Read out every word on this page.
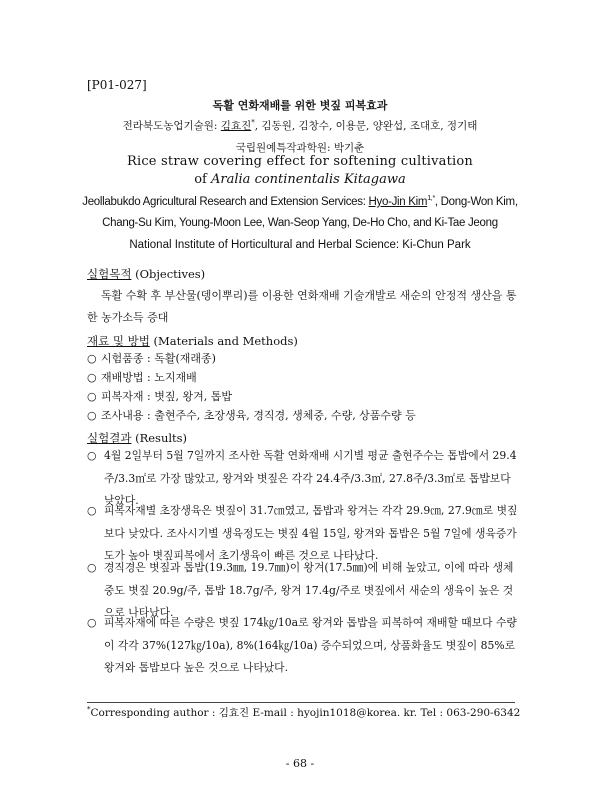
[P01-027]
독활 연화재배를 위한 볏짚 피복효과
전라북도농업기술원: 김효진*, 김동원, 김창수, 이용문, 양완섭, 조대호, 정기태
국립원예특작과학원: 박기춘
Rice straw covering effect for softening cultivation
of Aralia continentalis Kitagawa
Jeollabukdo Agricultural Research and Extension Services: Hyo-Jin Kim$^{1,*}$, Dong-Won Kim,
Chang-Su Kim, Young-Moon Lee, Wan-Seop Yang, De-Ho Cho, and Ki-Tae Jeong
National Institute of Horticultural and Herbal Science: Ki-Chun Park
실험목적 (Objectives)
독활 수확 후 부산물(뎅이뿌리)를 이용한 연화재배 기술개발로 새순의 안정적 생산을 통한 농가소득 증대
재료 및 방법 (Materials and Methods)
○ 시험품종 : 독활(재래종)
○ 재배방법 : 노지재배
○ 피복자재 : 볏짚, 왕겨, 톱밥
○ 조사내용 : 출현주수, 초장생육, 경직경, 생체중, 수량, 상품수량 등
실험결과 (Results)
○ 4월 2일부터 5월 7일까지 조사한 독활 연화재배 시기별 평균 출현주수는 톱밥에서 29.4주/3.3㎡로 가장 많았고, 왕겨와 볏짚은 각각 24.4주/3.3㎡, 27.8주/3.3㎡로 톱밥보다 낮았다.
○ 피복자재별 초장생육은 볏짚이 31.7㎝였고, 톱밥과 왕겨는 각각 29.9㎝, 27.9㎝로 볏짚보다 낮았다. 조사시기별 생육정도는 볏짚 4월 15일, 왕겨와 톱밥은 5월 7일에 생육증가도가 높아 볏짚피복에서 초기생육이 빠른 것으로 나타났다.
○ 경직경은 볏짚과 톱밥(19.3㎜, 19.7㎜)이 왕겨(17.5㎜)에 비해 높았고, 이에 따라 생체중도 볏짚 20.9g/주, 톱밥 18.7g/주, 왕겨 17.4g/주로 볏짚에서 새순의 생육이 높은 것으로 나타났다.
○ 피복자재에 따른 수량은 볏짚 174㎏/10a로 왕겨와 톱밥을 피복하여 재배할 때보다 수량이 각각 37%(127㎏/10a), 8%(164㎏/10a) 증수되었으며, 상품화율도 볏짚이 85%로 왕겨와 톱밥보다 높은 것으로 나타났다.
*Corresponding author : 김효진 E-mail : hyojin1018@korea. kr. Tel : 063-290-6342
- 68 -
